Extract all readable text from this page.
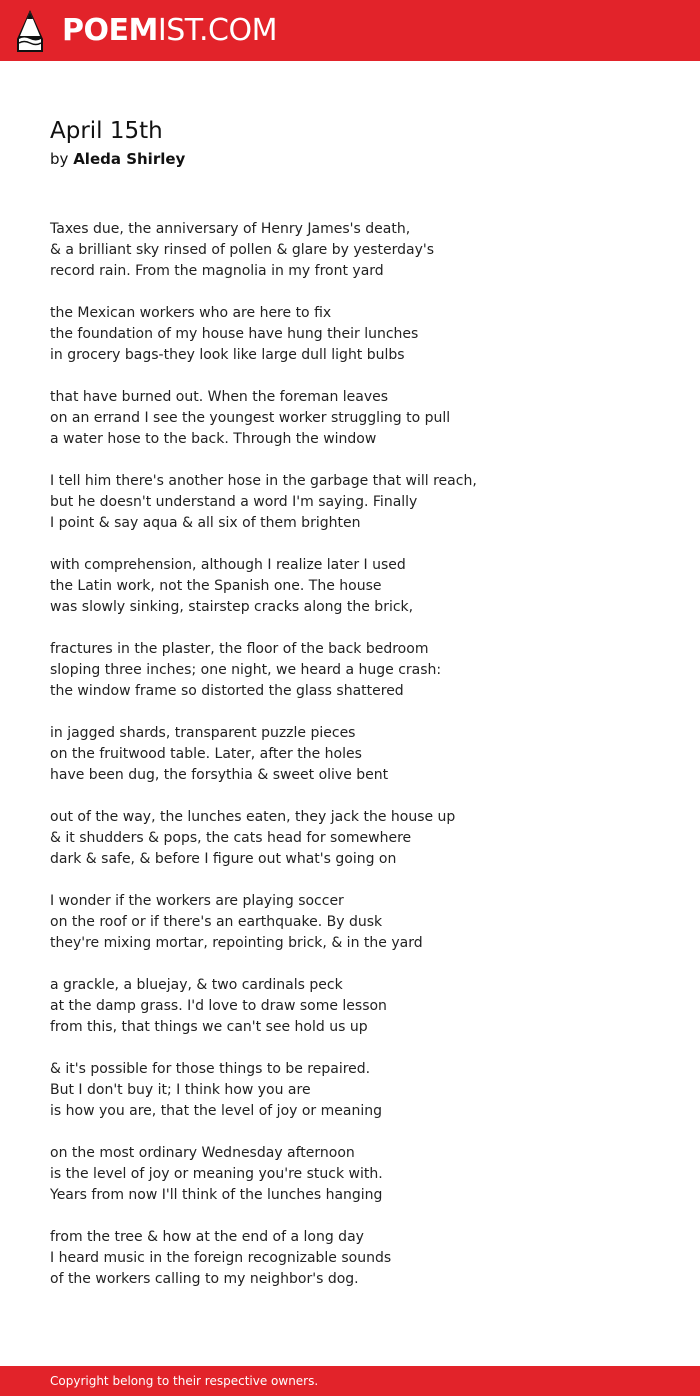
POEMIST.COM
April 15th
by Aleda Shirley
Taxes due, the anniversary of Henry James's death,
& a brilliant sky rinsed of pollen & glare by yesterday's
record rain. From the magnolia in my front yard
the Mexican workers who are here to fix
the foundation of my house have hung their lunches
in grocery bags-they look like large dull light bulbs
that have burned out. When the foreman leaves
on an errand I see the youngest worker struggling to pull
a water hose to the back. Through the window
I tell him there's another hose in the garbage that will reach,
but he doesn't understand a word I'm saying. Finally
I point & say aqua & all six of them brighten
with comprehension, although I realize later I used
the Latin work, not the Spanish one. The house
was slowly sinking, stairstep cracks along the brick,
fractures in the plaster, the floor of the back bedroom
sloping three inches; one night, we heard a huge crash:
the window frame so distorted the glass shattered
in jagged shards, transparent puzzle pieces
on the fruitwood table. Later, after the holes
have been dug, the forsythia & sweet olive bent
out of the way, the lunches eaten, they jack the house up
& it shudders & pops, the cats head for somewhere
dark & safe, & before I figure out what's going on
I wonder if the workers are playing soccer
on the roof or if there's an earthquake. By dusk
they're mixing mortar, repointing brick, & in the yard
a grackle, a bluejay, & two cardinals peck
at the damp grass. I'd love to draw some lesson
from this, that things we can't see hold us up
& it's possible for those things to be repaired.
But I don't buy it; I think how you are
is how you are, that the level of joy or meaning
on the most ordinary Wednesday afternoon
is the level of joy or meaning you're stuck with.
Years from now I'll think of the lunches hanging
from the tree & how at the end of a long day
I heard music in the foreign recognizable sounds
of the workers calling to my neighbor's dog.
Copyright belong to their respective owners.
